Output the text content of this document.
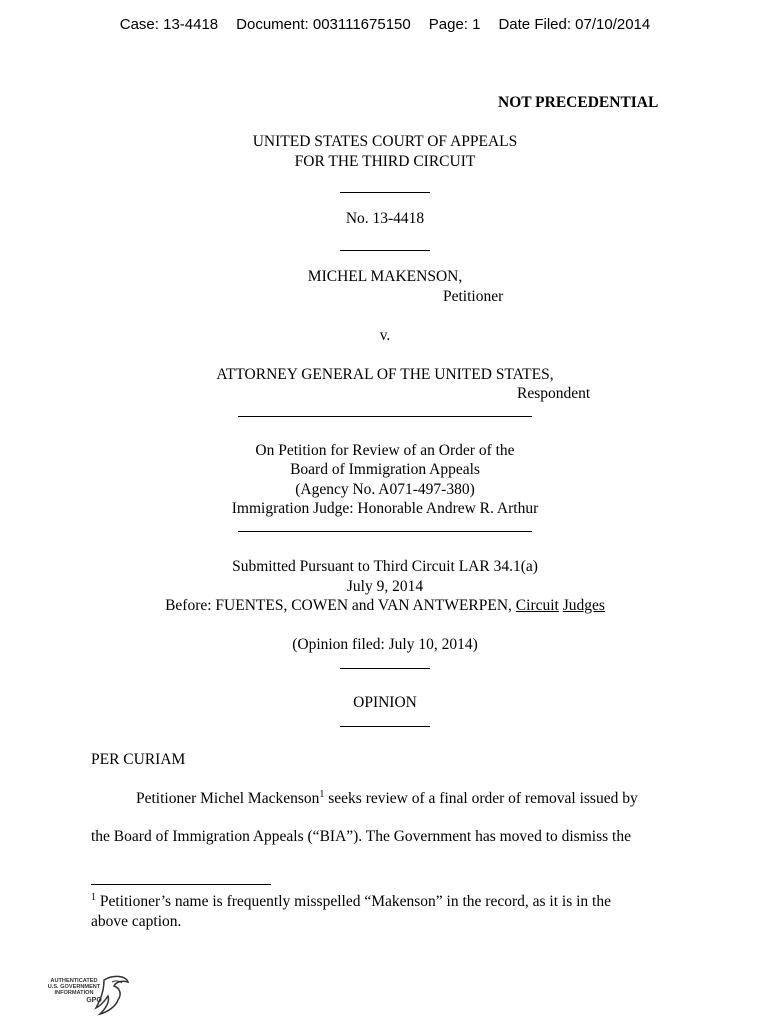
Case: 13-4418 Document: 003111675150 Page: 1 Date Filed: 07/10/2014
NOT PRECEDENTIAL
UNITED STATES COURT OF APPEALS
FOR THE THIRD CIRCUIT
No. 13-4418
MICHEL MAKENSON,
Petitioner
v.
ATTORNEY GENERAL OF THE UNITED STATES,
Respondent
On Petition for Review of an Order of the
Board of Immigration Appeals
(Agency No. A071-497-380)
Immigration Judge: Honorable Andrew R. Arthur
Submitted Pursuant to Third Circuit LAR 34.1(a)
July 9, 2014
Before: FUENTES, COWEN and VAN ANTWERPEN, Circuit Judges
(Opinion filed: July 10, 2014)
OPINION
PER CURIAM
Petitioner Michel Mackenson$^1$ seeks review of a final order of removal issued by
the Board of Immigration Appeals (“BIA”). The Government has moved to dismiss the
$^1$ Petitioner’s name is frequently misspelled “Makenson” in the record, as it is in the
above caption.
AUTHENTICATED
U.S. GOVERNMENT
INFORMATION
GPO
